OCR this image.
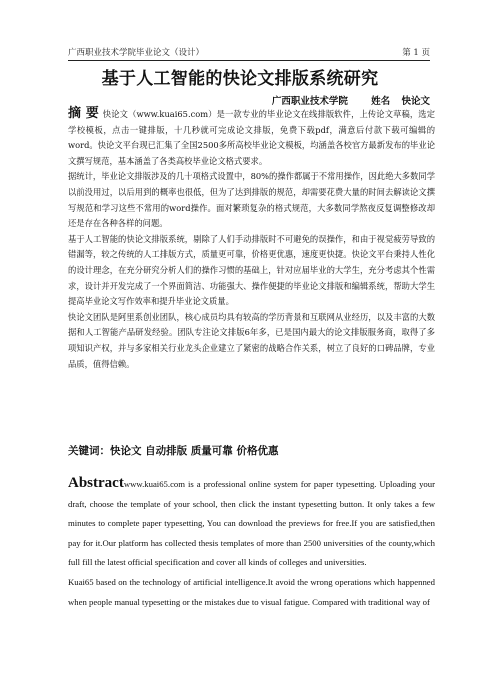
广西职业技术学院毕业论文（设计）	第 1 页
基于人工智能的快论文排版系统研究
广西职业技术学院 姓名 快论文

摘 要 快论文（www.kuai65.com）是一款专业的毕业论文在线排版软件，上传论文草稿，选定学校模板，点击一键排版，十几秒就可完成论文排版，免费下载pdf，满意后付款下载可编辑的word。快论文平台现已汇集了全国2500多所高校毕业论文模板，均涵盖各校官方最新发布的毕业论文撰写规范，基本涵盖了各类高校毕业论文格式要求。

据统计，毕业论文排版涉及的几十项格式设置中，80%的操作都属于不常用操作，因此绝大多数同学以前没用过，以后用到的概率也很低，但为了达到排版的规范，却需要花费大量的时间去解读论文撰写规范和学习这些不常用的word操作。面对繁琐复杂的格式规范，大多数同学熬夜反复调整修改却还是存在各种各样的问题。

基于人工智能的快论文排版系统，剔除了人们手动排版时不可避免的误操作，和由于视觉疲劳导致的错漏等，较之传统的人工排版方式，质量更可靠，价格更优惠，速度更快捷。快论文平台秉持人性化的设计理念，在充分研究分析人们的操作习惯的基础上，针对应届毕业的大学生，充分考虑其个性需求，设计并开发完成了一个界面简洁、功能强大、操作便捷的毕业论文排版和编辑系统，帮助大学生提高毕业论文写作效率和提升毕业论文质量。

快论文团队是阿里系创业团队，核心成员均具有较高的学历背景和互联网从业经历，以及丰富的大数据和人工智能产品研发经验。团队专注论文排版6年多，已是国内最大的论文排版服务商，取得了多项知识产权，并与多家相关行业龙头企业建立了紧密的战略合作关系，树立了良好的口碑品牌，专业品质，值得信赖。

关键词：快论文 自动排版 质量可靠 价格优惠

Abstractwww.kuai65.com is a professional online system for paper typesetting. Uploading your draft, choose the template of your school, then click the instant typesetting button. It only takes a few minutes to complete paper typesetting, You can download the previews for free.If you are satisfied,then pay for it.Our platform has collected thesis templates of more than 2500 universities of the county,which full fill the latest official specification and cover all kinds of colleges and universities.

Kuai65 based on the technology of artificial intelligence.It avoid the wrong operations which happenned when people manual typesetting or the mistakes due to visual fatigue. Compared with traditional way of
